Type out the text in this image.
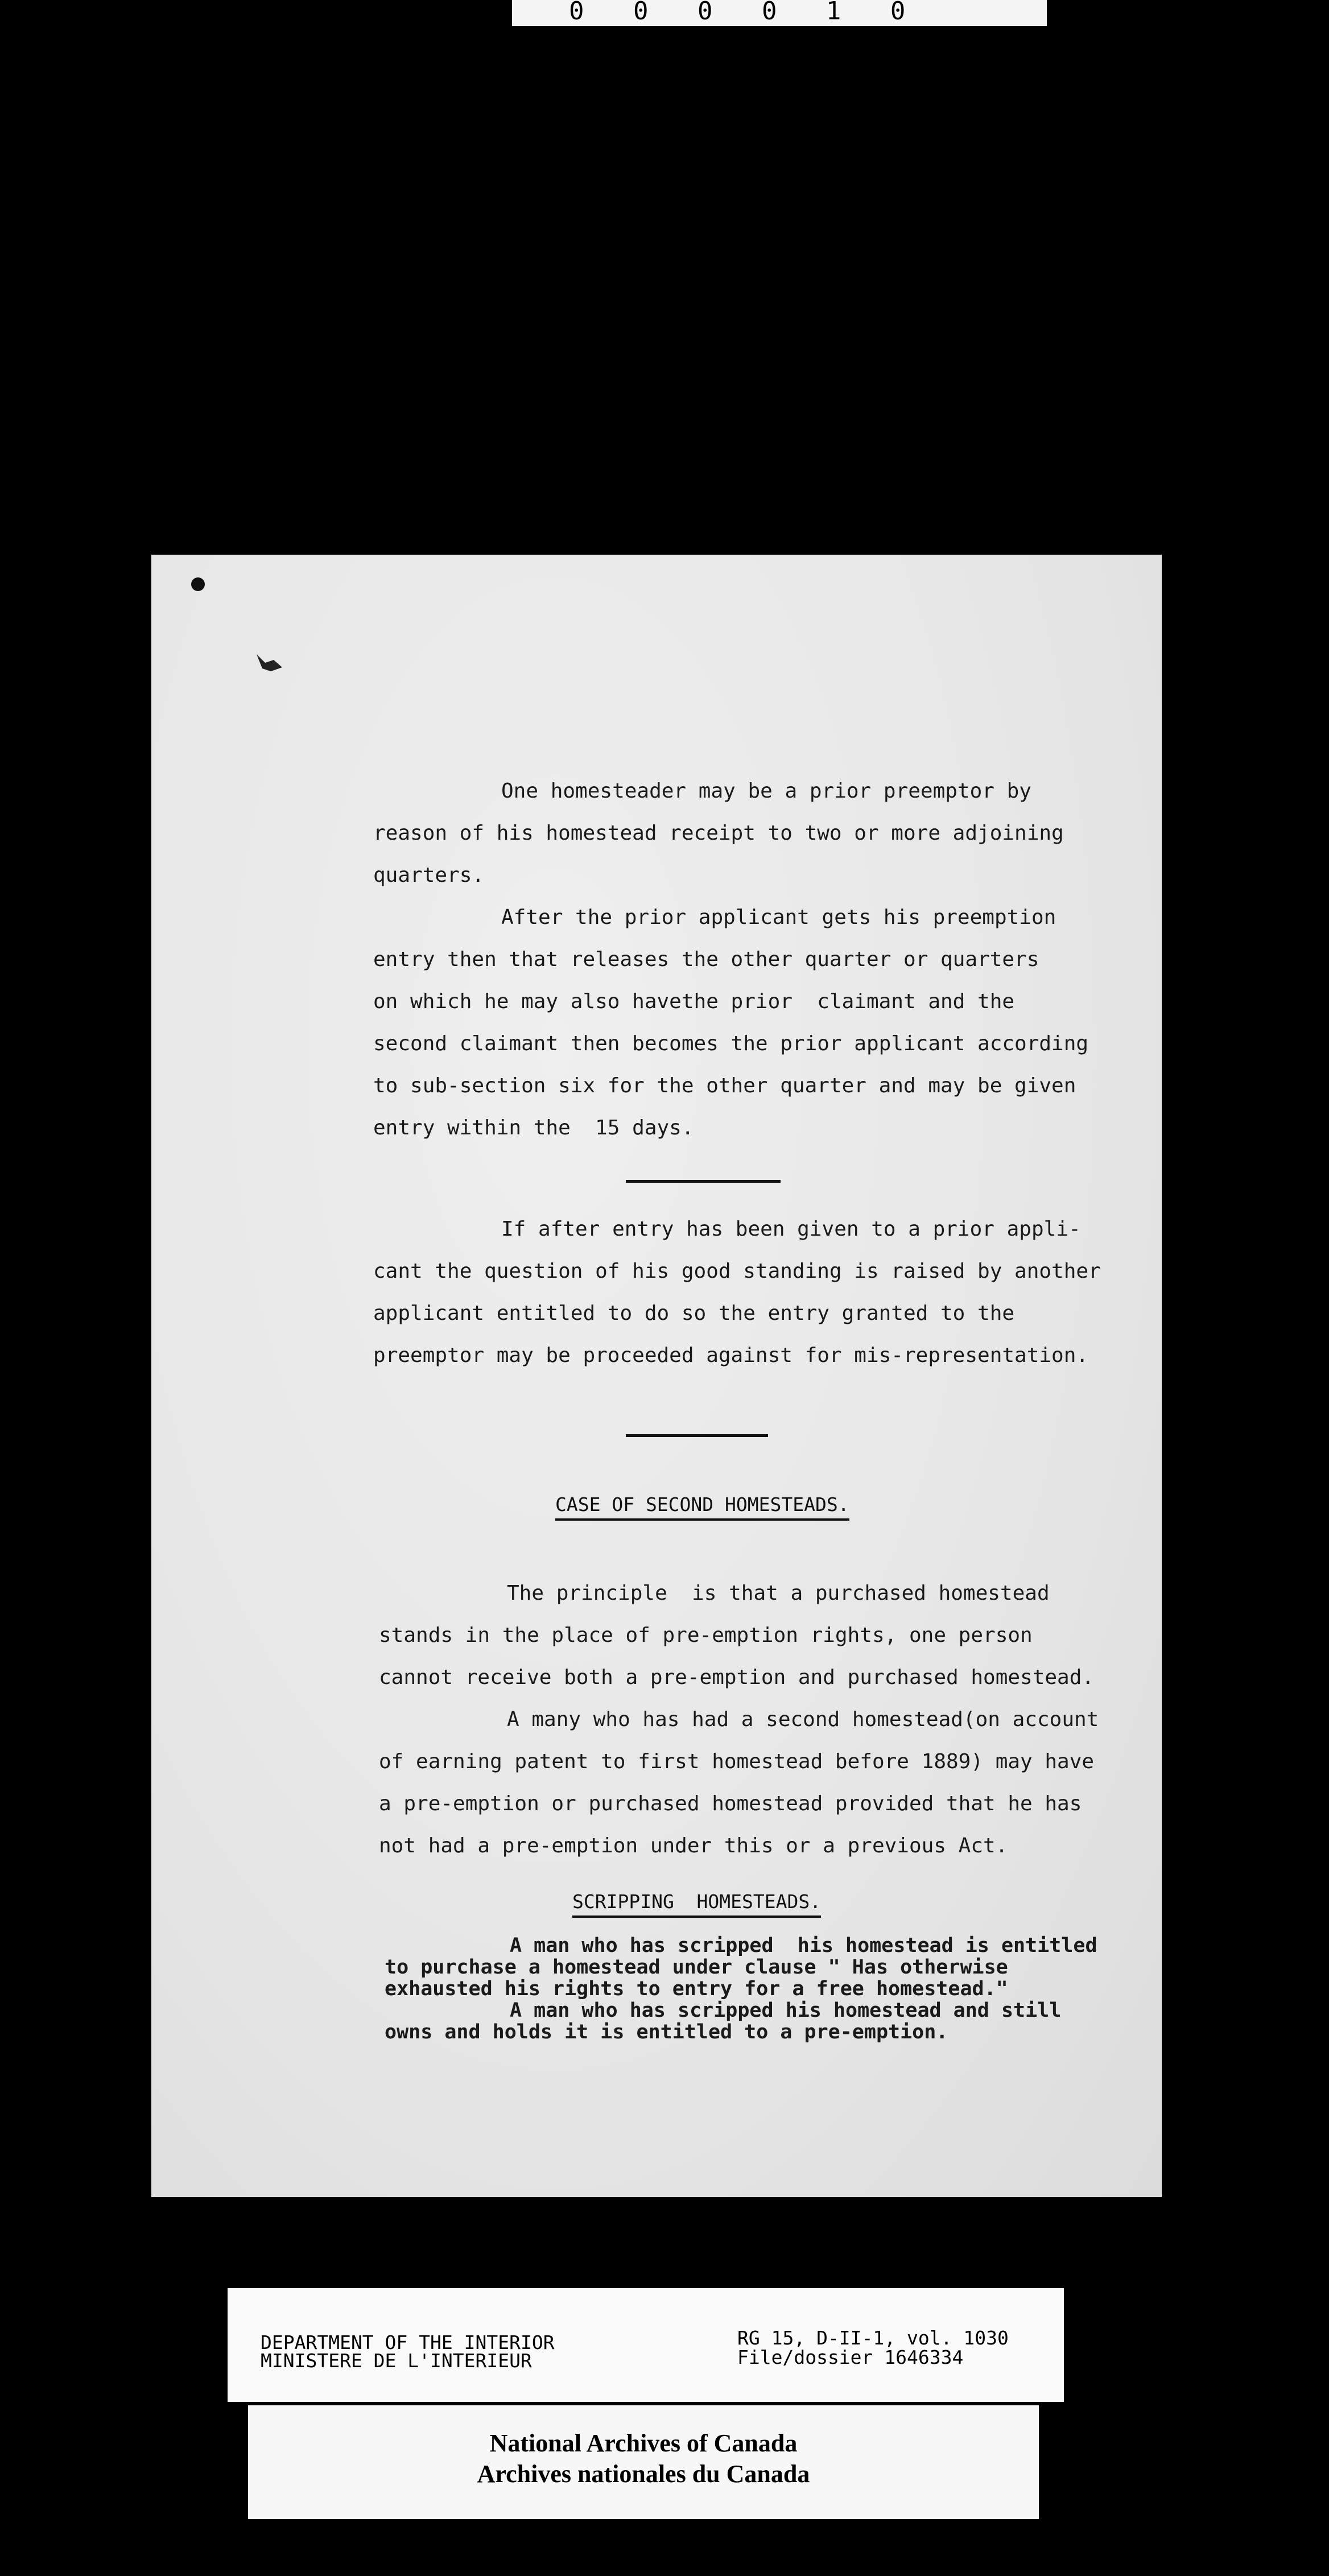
0 0 0 0 1 0
One homesteader may be a prior preemptor by
reason of his homestead receipt to two or more adjoining
quarters.
After the prior applicant gets his preemption
entry then that releases the other quarter or quarters
on which he may also havethe prior  claimant and the
second claimant then becomes the prior applicant according
to sub-section six for the other quarter and may be given
entry within the  15 days.
If after entry has been given to a prior appli-
cant the question of his good standing is raised by another
applicant entitled to do so the entry granted to the
preemptor may be proceeded against for mis-representation.
CASE OF SECOND HOMESTEADS.
The principle  is that a purchased homestead
stands in the place of pre-emption rights, one person
cannot receive both a pre-emption and purchased homestead.
A many who has had a second homestead(on account
of earning patent to first homestead before 1889) may have
a pre-emption or purchased homestead provided that he has
not had a pre-emption under this or a previous Act.
SCRIPPING  HOMESTEADS.
A man who has scripped  his homestead is entitled
to purchase a homestead under clause " Has otherwise
exhausted his rights to entry for a free homestead."
A man who has scripped his homestead and still
owns and holds it is entitled to a pre-emption.
DEPARTMENT OF THE INTERIOR
MINISTERE DE L'INTERIEUR
RG 15, D-II-1, vol. 1030
File/dossier 1646334
National Archives of Canada
Archives nationales du Canada
